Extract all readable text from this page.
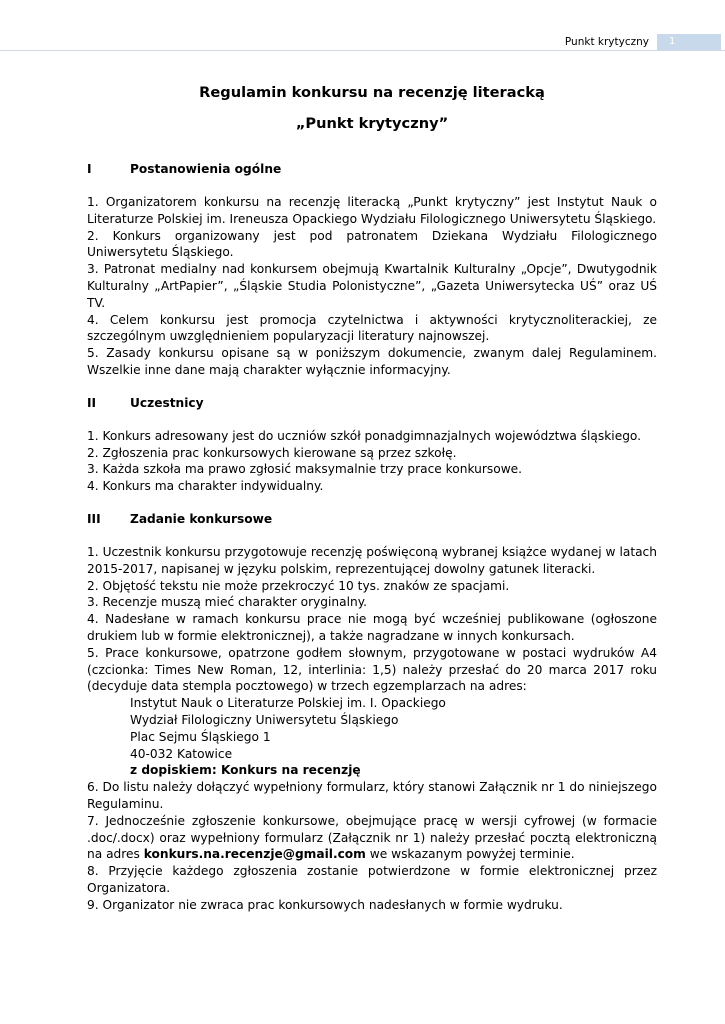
Punkt krytyczny	1

Regulamin konkursu na recenzję literacką

„Punkt krytyczny”

I	Postanowienia ogólne

1. Organizatorem konkursu na recenzję literacką „Punkt krytyczny” jest Instytut Nauk o Literaturze Polskiej im. Ireneusza Opackiego Wydziału Filologicznego Uniwersytetu Śląskiego.

2. Konkurs organizowany jest pod patronatem Dziekana Wydziału Filologicznego Uniwersytetu Śląskiego.

3. Patronat medialny nad konkursem obejmują Kwartalnik Kulturalny „Opcje”, Dwutygodnik Kulturalny „ArtPapier”, „Śląskie Studia Polonistyczne”, „Gazeta Uniwersytecka UŚ” oraz UŚ TV.

4. Celem konkursu jest promocja czytelnictwa i aktywności krytycznoliterackiej, ze szczególnym uwzględnieniem popularyzacji literatury najnowszej.

5. Zasady konkursu opisane są w poniższym dokumencie, zwanym dalej Regulaminem. Wszelkie inne dane mają charakter wyłącznie informacyjny.

II	Uczestnicy

1. Konkurs adresowany jest do uczniów szkół ponadgimnazjalnych województwa śląskiego.

2. Zgłoszenia prac konkursowych kierowane są przez szkołę.

3. Każda szkoła ma prawo zgłosić maksymalnie trzy prace konkursowe.

4. Konkurs ma charakter indywidualny.

III Zadanie konkursowe

1. Uczestnik konkursu przygotowuje recenzję poświęconą wybranej książce wydanej w latach 2015-2017, napisanej w języku polskim, reprezentującej dowolny gatunek literacki.

2. Objętość tekstu nie może przekroczyć 10 tys. znaków ze spacjami.

3. Recenzje muszą mieć charakter oryginalny.

4. Nadesłane w ramach konkursu prace nie mogą być wcześniej publikowane (ogłoszone drukiem lub w formie elektronicznej), a także nagradzane w innych konkursach.

5. Prace konkursowe, opatrzone godłem słownym, przygotowane w postaci wydruków A4 (czcionka: Times New Roman, 12, interlinia: 1,5) należy przesłać do 20 marca 2017 roku (decyduje data stempla pocztowego) w trzech egzemplarzach na adres:

Instytut Nauk o Literaturze Polskiej im. I. Opackiego

Wydział Filologiczny Uniwersytetu Śląskiego

Plac Sejmu Śląskiego 1

40-032 Katowice

z dopiskiem: Konkurs na recenzję

6. Do listu należy dołączyć wypełniony formularz, który stanowi Załącznik nr 1 do niniejszego Regulaminu.

7. Jednocześnie zgłoszenie konkursowe, obejmujące pracę w wersji cyfrowej (w formacie .doc/.docx) oraz wypełniony formularz (Załącznik nr 1) należy przesłać pocztą elektroniczną na adres konkurs.na.recenzje@gmail.com we wskazanym powyżej terminie.

8. Przyjęcie każdego zgłoszenia zostanie potwierdzone w formie elektronicznej przez Organizatora.

9. Organizator nie zwraca prac konkursowych nadesłanych w formie wydruku.
